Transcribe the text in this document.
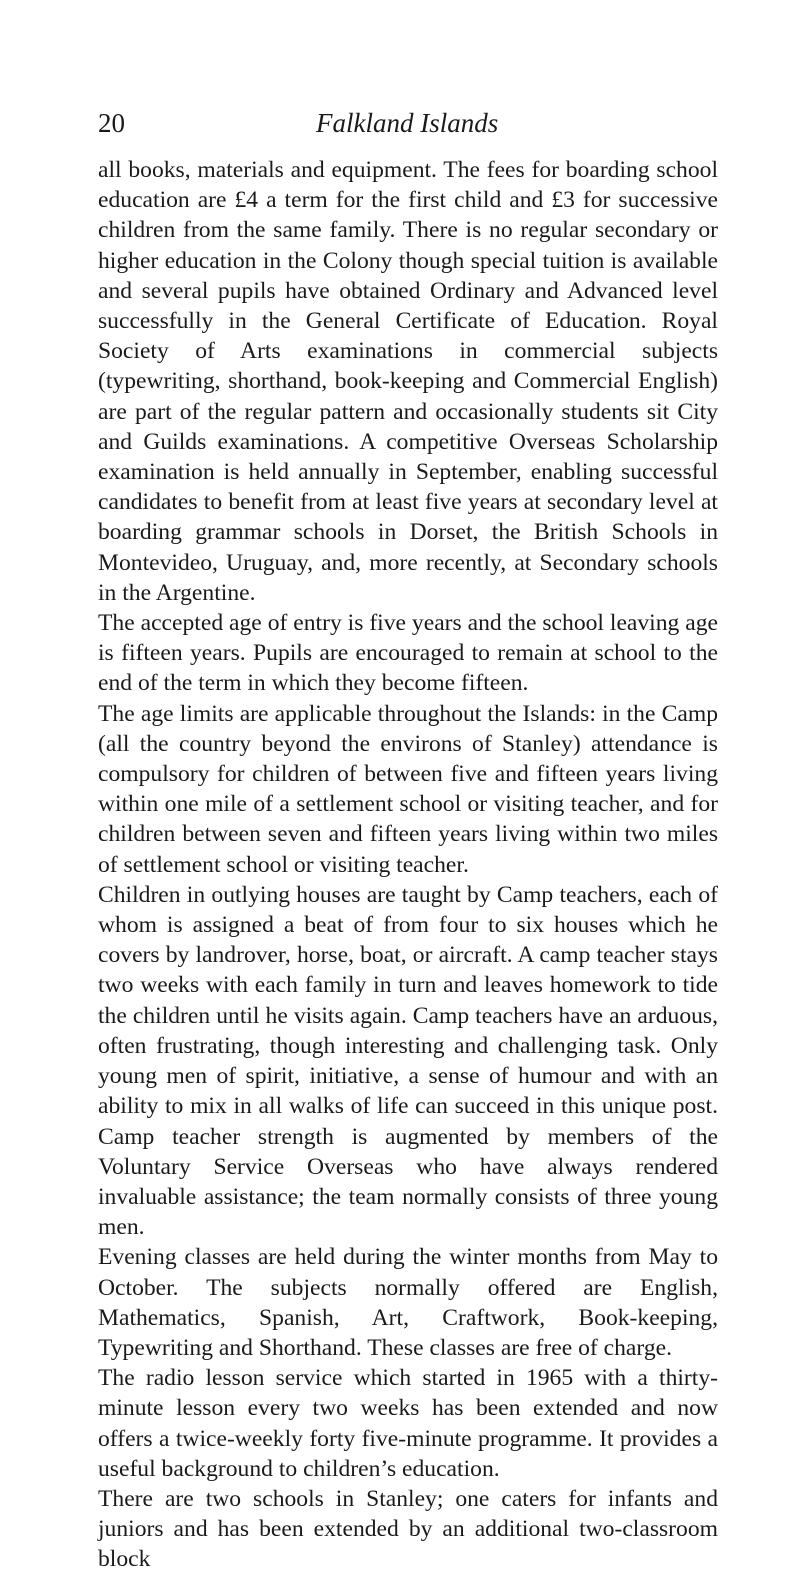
20	Falkland Islands

all books, materials and equipment. The fees for boarding school education are £4 a term for the first child and £3 for successive children from the same family. There is no regular secondary or higher education in the Colony though special tuition is available and several pupils have obtained Ordinary and Advanced level successfully in the General Certificate of Education. Royal Society of Arts examinations in commercial subjects (typewriting, shorthand, book-keeping and Commercial English) are part of the regular pattern and occasionally students sit City and Guilds examinations. A competitive Overseas Scholarship examination is held annually in September, enabling successful candidates to benefit from at least five years at secondary level at boarding grammar schools in Dorset, the British Schools in Montevideo, Uruguay, and, more recently, at Secondary schools in the Argentine.

The accepted age of entry is five years and the school leaving age is fifteen years. Pupils are encouraged to remain at school to the end of the term in which they become fifteen.

The age limits are applicable throughout the Islands: in the Camp (all the country beyond the environs of Stanley) attendance is compulsory for children of between five and fifteen years living within one mile of a settlement school or visiting teacher, and for children between seven and fifteen years living within two miles of settlement school or visiting teacher.

Children in outlying houses are taught by Camp teachers, each of whom is assigned a beat of from four to six houses which he covers by landrover, horse, boat, or aircraft. A camp teacher stays two weeks with each family in turn and leaves homework to tide the children until he visits again. Camp teachers have an arduous, often frustrating, though interesting and challenging task. Only young men of spirit, initiative, a sense of humour and with an ability to mix in all walks of life can succeed in this unique post. Camp teacher strength is augmented by members of the Voluntary Service Overseas who have always rendered invaluable assistance; the team normally consists of three young men.

Evening classes are held during the winter months from May to October. The subjects normally offered are English, Mathematics, Spanish, Art, Craftwork, Book-keeping, Typewriting and Shorthand. These classes are free of charge.

The radio lesson service which started in 1965 with a thirty-minute lesson every two weeks has been extended and now offers a twice-weekly forty five-minute programme. It provides a useful background to children’s education.

There are two schools in Stanley; one caters for infants and juniors and has been extended by an additional two-classroom block
